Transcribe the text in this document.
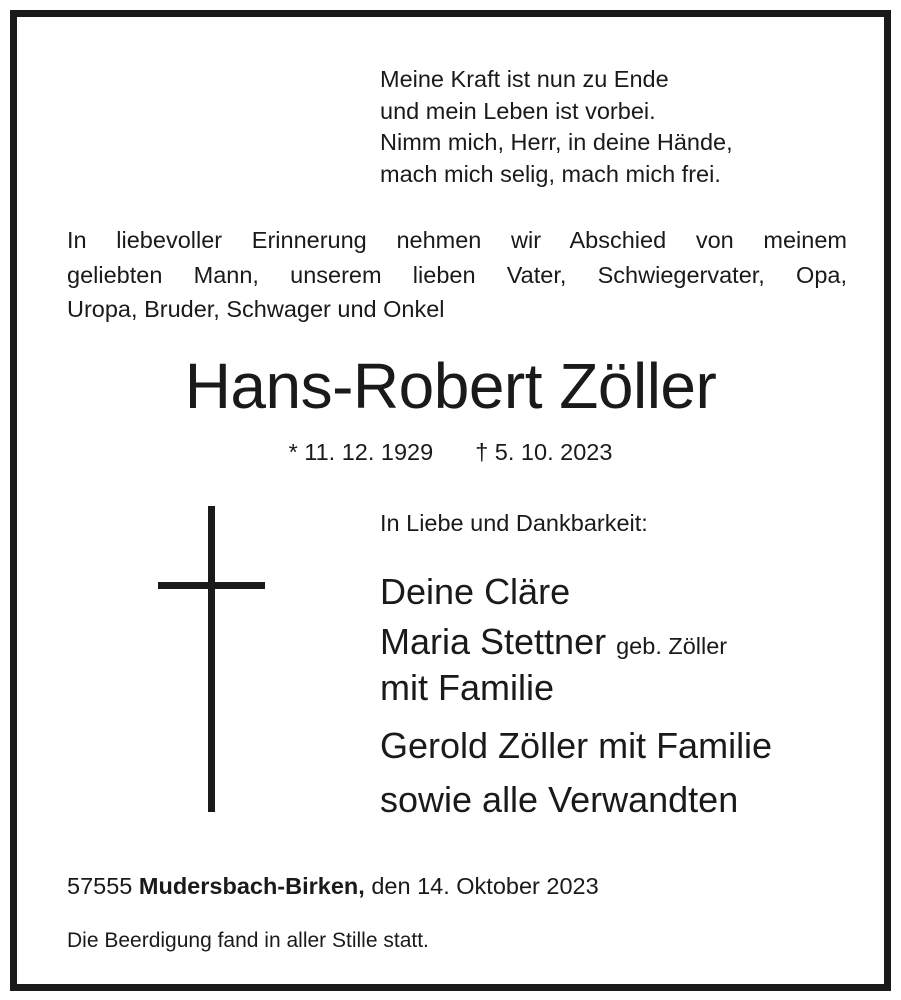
Meine Kraft ist nun zu Ende
und mein Leben ist vorbei.
Nimm mich, Herr, in deine Hände,
mach mich selig, mach mich frei.
In liebevoller Erinnerung nehmen wir Abschied von meinem
geliebten Mann, unserem lieben Vater, Schwiegervater, Opa,
Uropa, Bruder, Schwager und Onkel
Hans-Robert Zöller
* 11. 12. 1929 † 5. 10. 2023
In Liebe und Dankbarkeit:
Deine Cläre
Maria Stettner geb. Zöller
mit Familie
Gerold Zöller mit Familie
sowie alle Verwandten
57555 Mudersbach-Birken, den 14. Oktober 2023
Die Beerdigung fand in aller Stille statt.
